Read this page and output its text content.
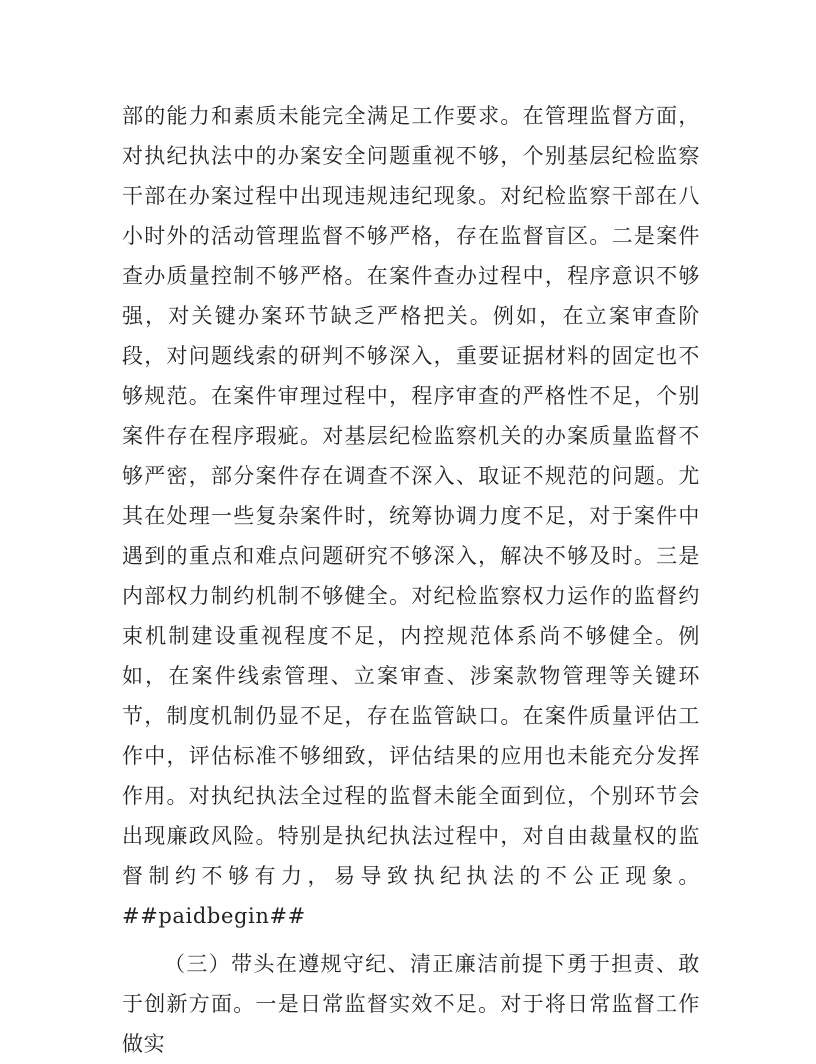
部的能力和素质未能完全满足工作要求。在管理监督方面，对执纪执法中的办案安全问题重视不够，个别基层纪检监察干部在办案过程中出现违规违纪现象。对纪检监察干部在八小时外的活动管理监督不够严格，存在监督盲区。二是案件查办质量控制不够严格。在案件查办过程中，程序意识不够强，对关键办案环节缺乏严格把关。例如，在立案审查阶段，对问题线索的研判不够深入，重要证据材料的固定也不够规范。在案件审理过程中，程序审查的严格性不足，个别案件存在程序瑕疵。对基层纪检监察机关的办案质量监督不够严密，部分案件存在调查不深入、取证不规范的问题。尤其在处理一些复杂案件时，统筹协调力度不足，对于案件中遇到的重点和难点问题研究不够深入，解决不够及时。三是内部权力制约机制不够健全。对纪检监察权力运作的监督约束机制建设重视程度不足，内控规范体系尚不够健全。例如，在案件线索管理、立案审查、涉案款物管理等关键环节，制度机制仍显不足，存在监管缺口。在案件质量评估工作中，评估标准不够细致，评估结果的应用也未能充分发挥作用。对执纪执法全过程的监督未能全面到位，个别环节会出现廉政风险。特别是执纪执法过程中，对自由裁量权的监督制约不够有力，易导致执纪执法的不公正现象。##paidbegin##

（三）带头在遵规守纪、清正廉洁前提下勇于担责、敢于创新方面。一是日常监督实效不足。对于将日常监督工作做实
